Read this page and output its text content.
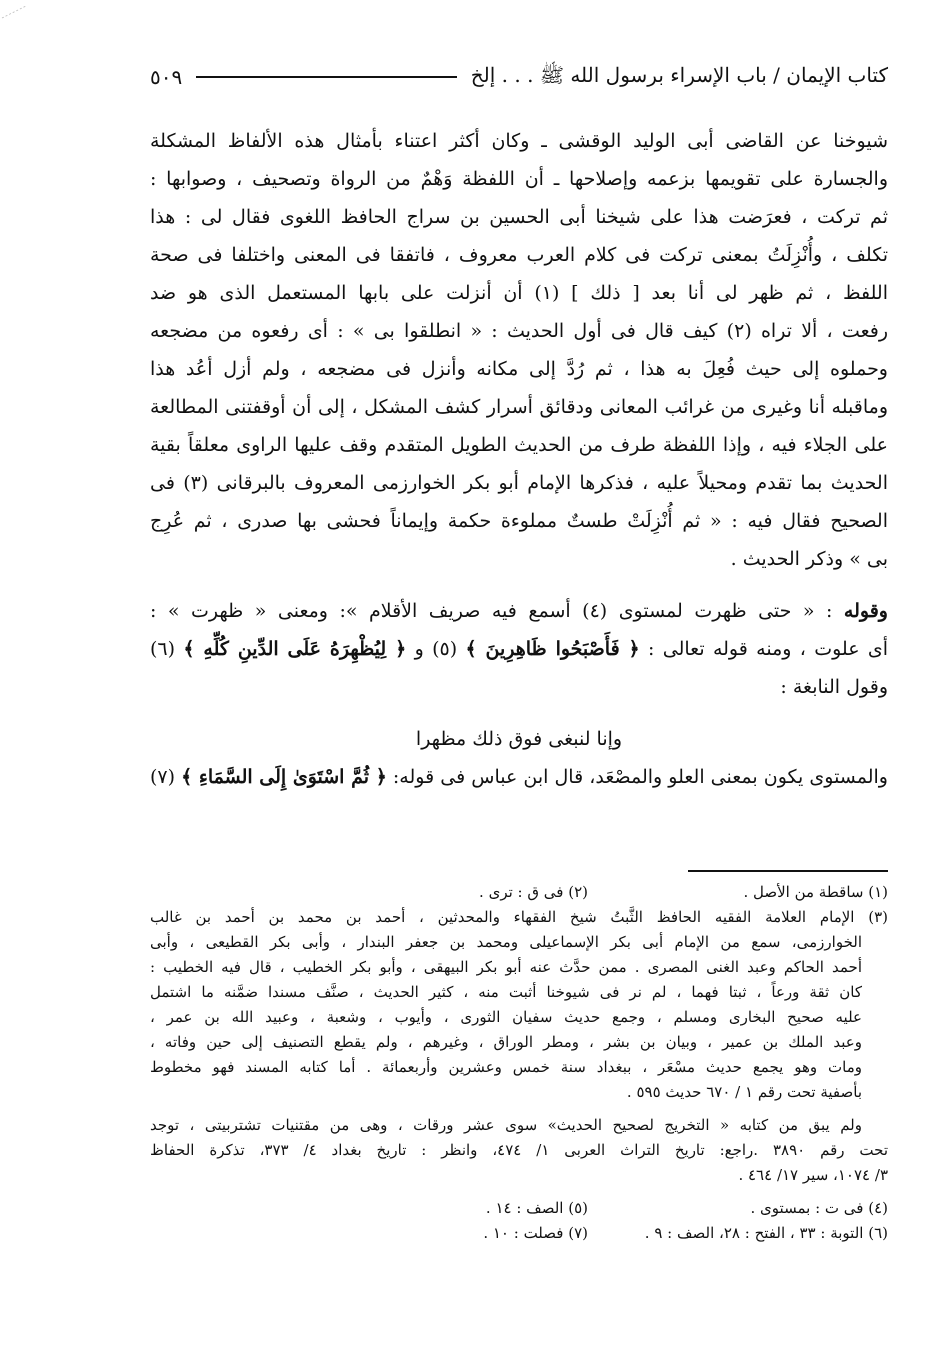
كتاب الإيمان / باب الإسراء برسول الله ﷺ . . . إلخ
٥٠٩
شيوخنا عن القاضى أبى الوليد الوقشى ـ وكان أكثر اعتناء بأمثال هذه الألفاظ المشكلة
والجسارة على تقويمها بزعمه وإصلاحها ـ أن اللفظة وَهْمٌ من الرواة وتصحيف ، وصوابها :
ثم تركت ، فعرَضت هذا على شيخنا أبى الحسين بن سراج الحافظ اللغوى فقال لى : هذا
تكلف ، وأُنْزِلَتُ بمعنى تركت فى كلام العرب معروف ، فاتفقا فى المعنى واختلفا فى صحة
اللفظ ، ثم ظهر لى أنا بعد [ ذلك ] (١) أن أنزلت على بابها المستعمل الذى هو ضد
رفعت ، ألا تراه (٢) كيف قال فى أول الحديث : « انطلقوا بى » : أى رفعوه من مضجعه
وحملوه إلى حيث فُعِلَ به هذا ، ثم رُدَّ إلى مكانه وأنزل فى مضجعه ، ولم أزل أعُد هذا
وماقبله أنا وغيرى من غرائب المعانى ودقائق أسرار كشف المشكل ، إلى أن أوقفتنى المطالعة
على الجلاء فيه ، وإذا اللفظة طرف من الحديث الطويل المتقدم وقف عليها الراوى معلقاً بقية
الحديث بما تقدم ومحيلاً عليه ، فذكرها الإمام أبو بكر الخوارزمى المعروف بالبرقانى (٣) فى
الصحيح فقال فيه : « ثم أُنْزِلَتْ طستٌ مملوءة حكمة وإيماناً فحشى بها صدرى ، ثم عُرِج
بى » وذكر الحديث .
وقوله : « حتى ظهرت لمستوى (٤) أسمع فيه صريف الأقلام »: ومعنى « ظهرت » :
أى علوت ، ومنه قوله تعالى : ﴿ فَأَصْبَحُوا ظَاهِرِينَ ﴾ (٥) و ﴿ لِيُظْهِرَهُ عَلَى الدِّينِ كُلِّهِ ﴾ (٦)
وقول النابغة :
وإنا لنبغى فوق ذلك مظهرا
والمستوى يكون بمعنى العلو والمصْعَد، قال ابن عباس فى قوله: ﴿ ثُمَّ اسْتَوَىٰ إِلَى السَّمَاءِ ﴾ (٧)
(١) ساقطة من الأصل .
(٢) فى ق : ترى .
(٣) الإمام العلامة الفقيه الحافظ الثَّبتُ شيخ الفقهاء والمحدثين ، أحمد بن محمد بن أحمد بن غالب
الخوارزمى، سمع من الإمام أبى بكر الإسماعيلى ومحمد بن جعفر البندار ، وأبى بكر القطيعى ، وأبى
أحمد الحاكم وعبد الغنى المصرى . ممن حدَّث عنه أبو بكر البيهقى ، وأبو بكر الخطيب ، قال فيه الخطيب :
كان ثقة ورعاً ، ثبتا فهما ، لم نر فى شيوخنا أثبت منه ، كثير الحديث ، صنَّف مسندا ضمَّنه ما اشتمل
عليه صحيح البخارى ومسلم ، وجمع حديث سفيان الثورى ، وأيوب ، وشعبة ، وعبيد الله بن عمر ،
وعبد الملك بن عمير ، وبيان بن بشر ، ومطر الوراق ، وغيرهم ، ولم يقطع التصنيف إلى حين وفاته ،
ومات وهو يجمع حديث مسْعَر ، ببغداد سنة خمس وعشرين وأربعمائة . أما كتابه المسند فهو مخطوط
بأصفية تحت رقم ١ / ٦٧٠ حديث ٥٩٥ .
ولم يبق من كتابه « التخريج لصحيح الحديث» سوى عشر ورقات ، وهى من مقتنيات تشتربيتى ، توجد
تحت رقم ٣٨٩٠ .راجع: تاريخ التراث العربى ١/ ٤٧٤، وانظر : تاريخ بغداد ٤/ ٣٧٣، تذكرة الحفاظ
٣/ ١٠٧٤، سير ١٧/ ٤٦٤ .
(٤) فى ت : بمستوى .
(٥) الصف : ١٤ .
(٦) التوبة : ٣٣ ، الفتح : ٢٨، الصف : ٩ .
(٧) فصلت : ١٠ .
